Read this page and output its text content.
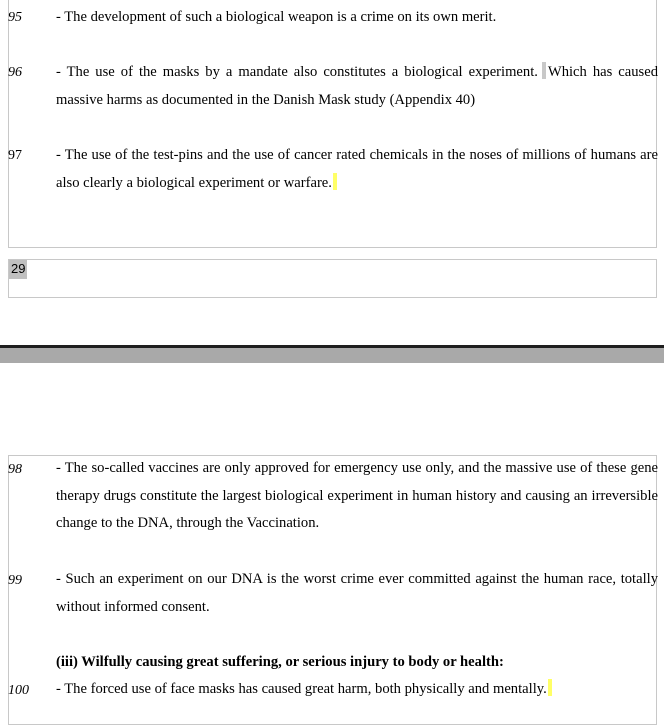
95 - The development of such a biological weapon is a crime on its own merit.
96 - The use of the masks by a mandate also constitutes a biological experiment. Which has caused massive harms as documented in the Danish Mask study (Appendix 40)
97 - The use of the test-pins and the use of cancer rated chemicals in the noses of millions of humans are also clearly a biological experiment or warfare.
29
98 - The so-called vaccines are only approved for emergency use only, and the massive use of these gene therapy drugs constitute the largest biological experiment in human history and causing an irreversible change to the DNA, through the Vaccination.
99 - Such an experiment on our DNA is the worst crime ever committed against the human race, totally without informed consent.
(iii) Wilfully causing great suffering, or serious injury to body or health:
100 - The forced use of face masks has caused great harm, both physically and mentally.
